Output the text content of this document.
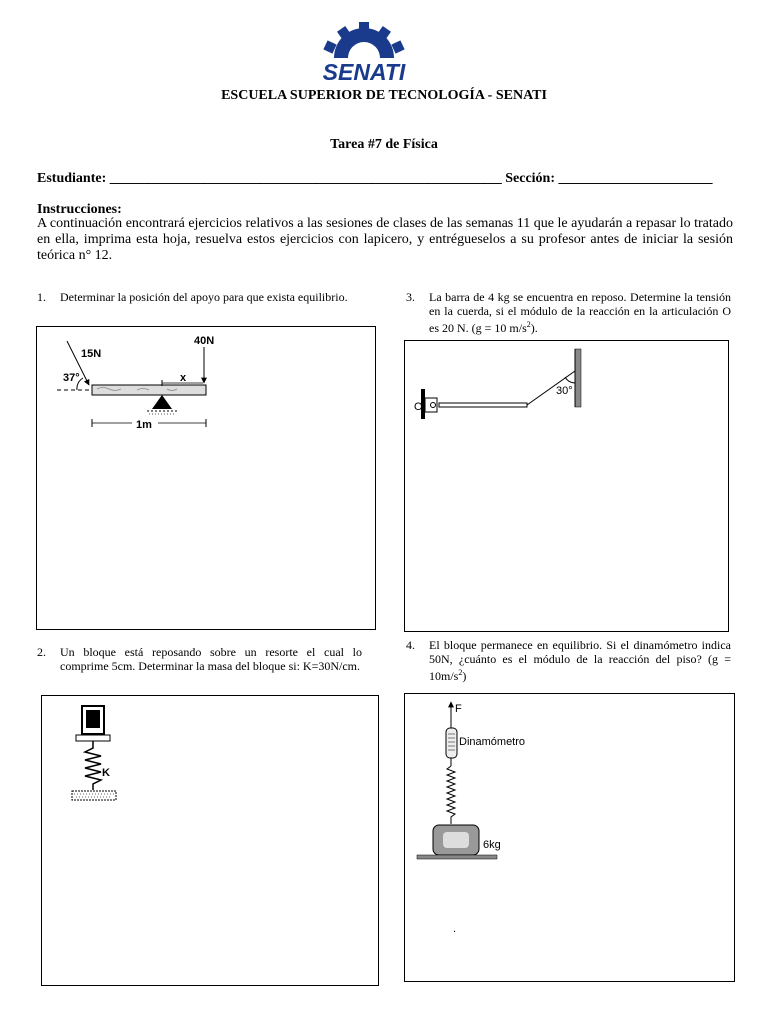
SENATI
ESCUELA SUPERIOR DE TECNOLOGÍA - SENATI
Tarea #7 de Física
Estudiante: ________________________________________________________ Sección: ______________________
Instrucciones:
A continuación encontrará ejercicios relativos a las sesiones de clases de las semanas 11 que le ayudarán a repasar lo tratado en ella, imprima esta hoja, resuelva estos ejercicios con lapicero, y entrégueselos a su profesor antes de iniciar la sesión teórica n° 12.
1. Determinar la posición del apoyo para que exista equilibrio.
15N
37°
40N
x
1m
2. Un bloque está reposando sobre un resorte el cual lo comprime 5cm. Determinar la masa del bloque si: K=30N/cm.
K
3. La barra de 4 kg se encuentra en reposo. Determine la tensión en la cuerda, si el módulo de la reacción en la articulación O es 20 N. (g = 10 $m/s^2$).
O
30°
4. El bloque permanece en equilibrio. Si el dinamómetro indica 50N, ¿cuánto es el módulo de la reacción del piso? $(g = 10m/s^2)$
F
Dinamómetro
6kg
.
